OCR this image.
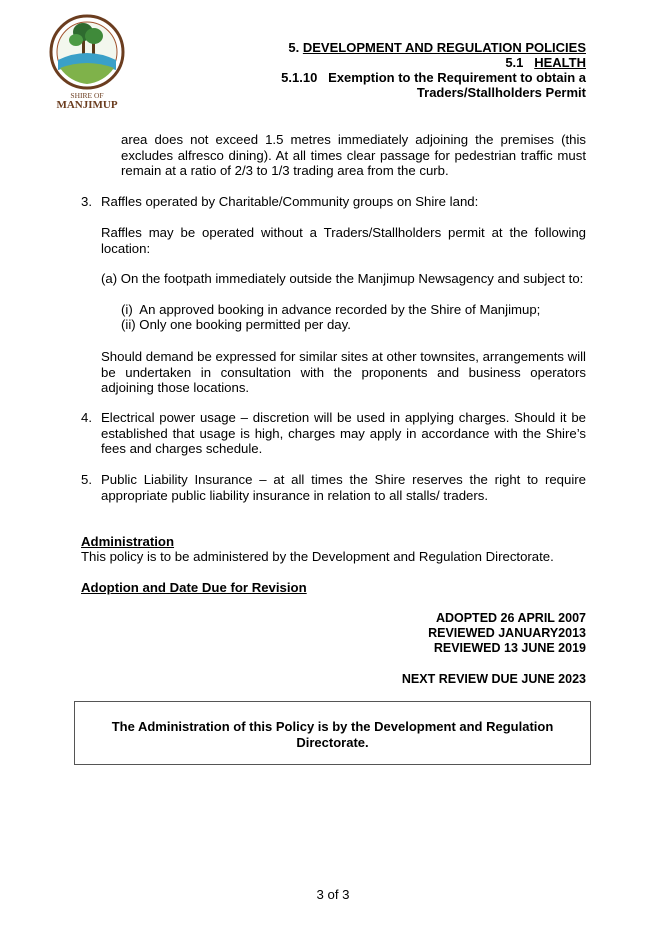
SHIRE OF
MANJIMUP
5. DEVELOPMENT AND REGULATION POLICIES
5.1   HEALTH
5.1.10   Exemption to the Requirement to obtain a
Traders/Stallholders Permit
area does not exceed 1.5 metres immediately adjoining the premises (this excludes alfresco dining). At all times clear passage for pedestrian traffic must remain at a ratio of 2/3 to 1/3 trading area from the curb.
3. Raffles operated by Charitable/Community groups on Shire land:
Raffles may be operated without a Traders/Stallholders permit at the following location:
(a) On the footpath immediately outside the Manjimup Newsagency and subject to:
(i)  An approved booking in advance recorded by the Shire of Manjimup;
(ii) Only one booking permitted per day.
Should demand be expressed for similar sites at other townsites, arrangements will be undertaken in consultation with the proponents and business operators adjoining those locations.
4. Electrical power usage – discretion will be used in applying charges. Should it be established that usage is high, charges may apply in accordance with the Shire’s fees and charges schedule.
5. Public Liability Insurance – at all times the Shire reserves the right to require appropriate public liability insurance in relation to all stalls/ traders.
Administration
This policy is to be administered by the Development and Regulation Directorate.
Adoption and Date Due for Revision
ADOPTED 26 APRIL 2007
REVIEWED JANUARY2013
REVIEWED 13 JUNE 2019
NEXT REVIEW DUE JUNE 2023
The Administration of this Policy is by the Development and Regulation
Directorate.
3 of 3
